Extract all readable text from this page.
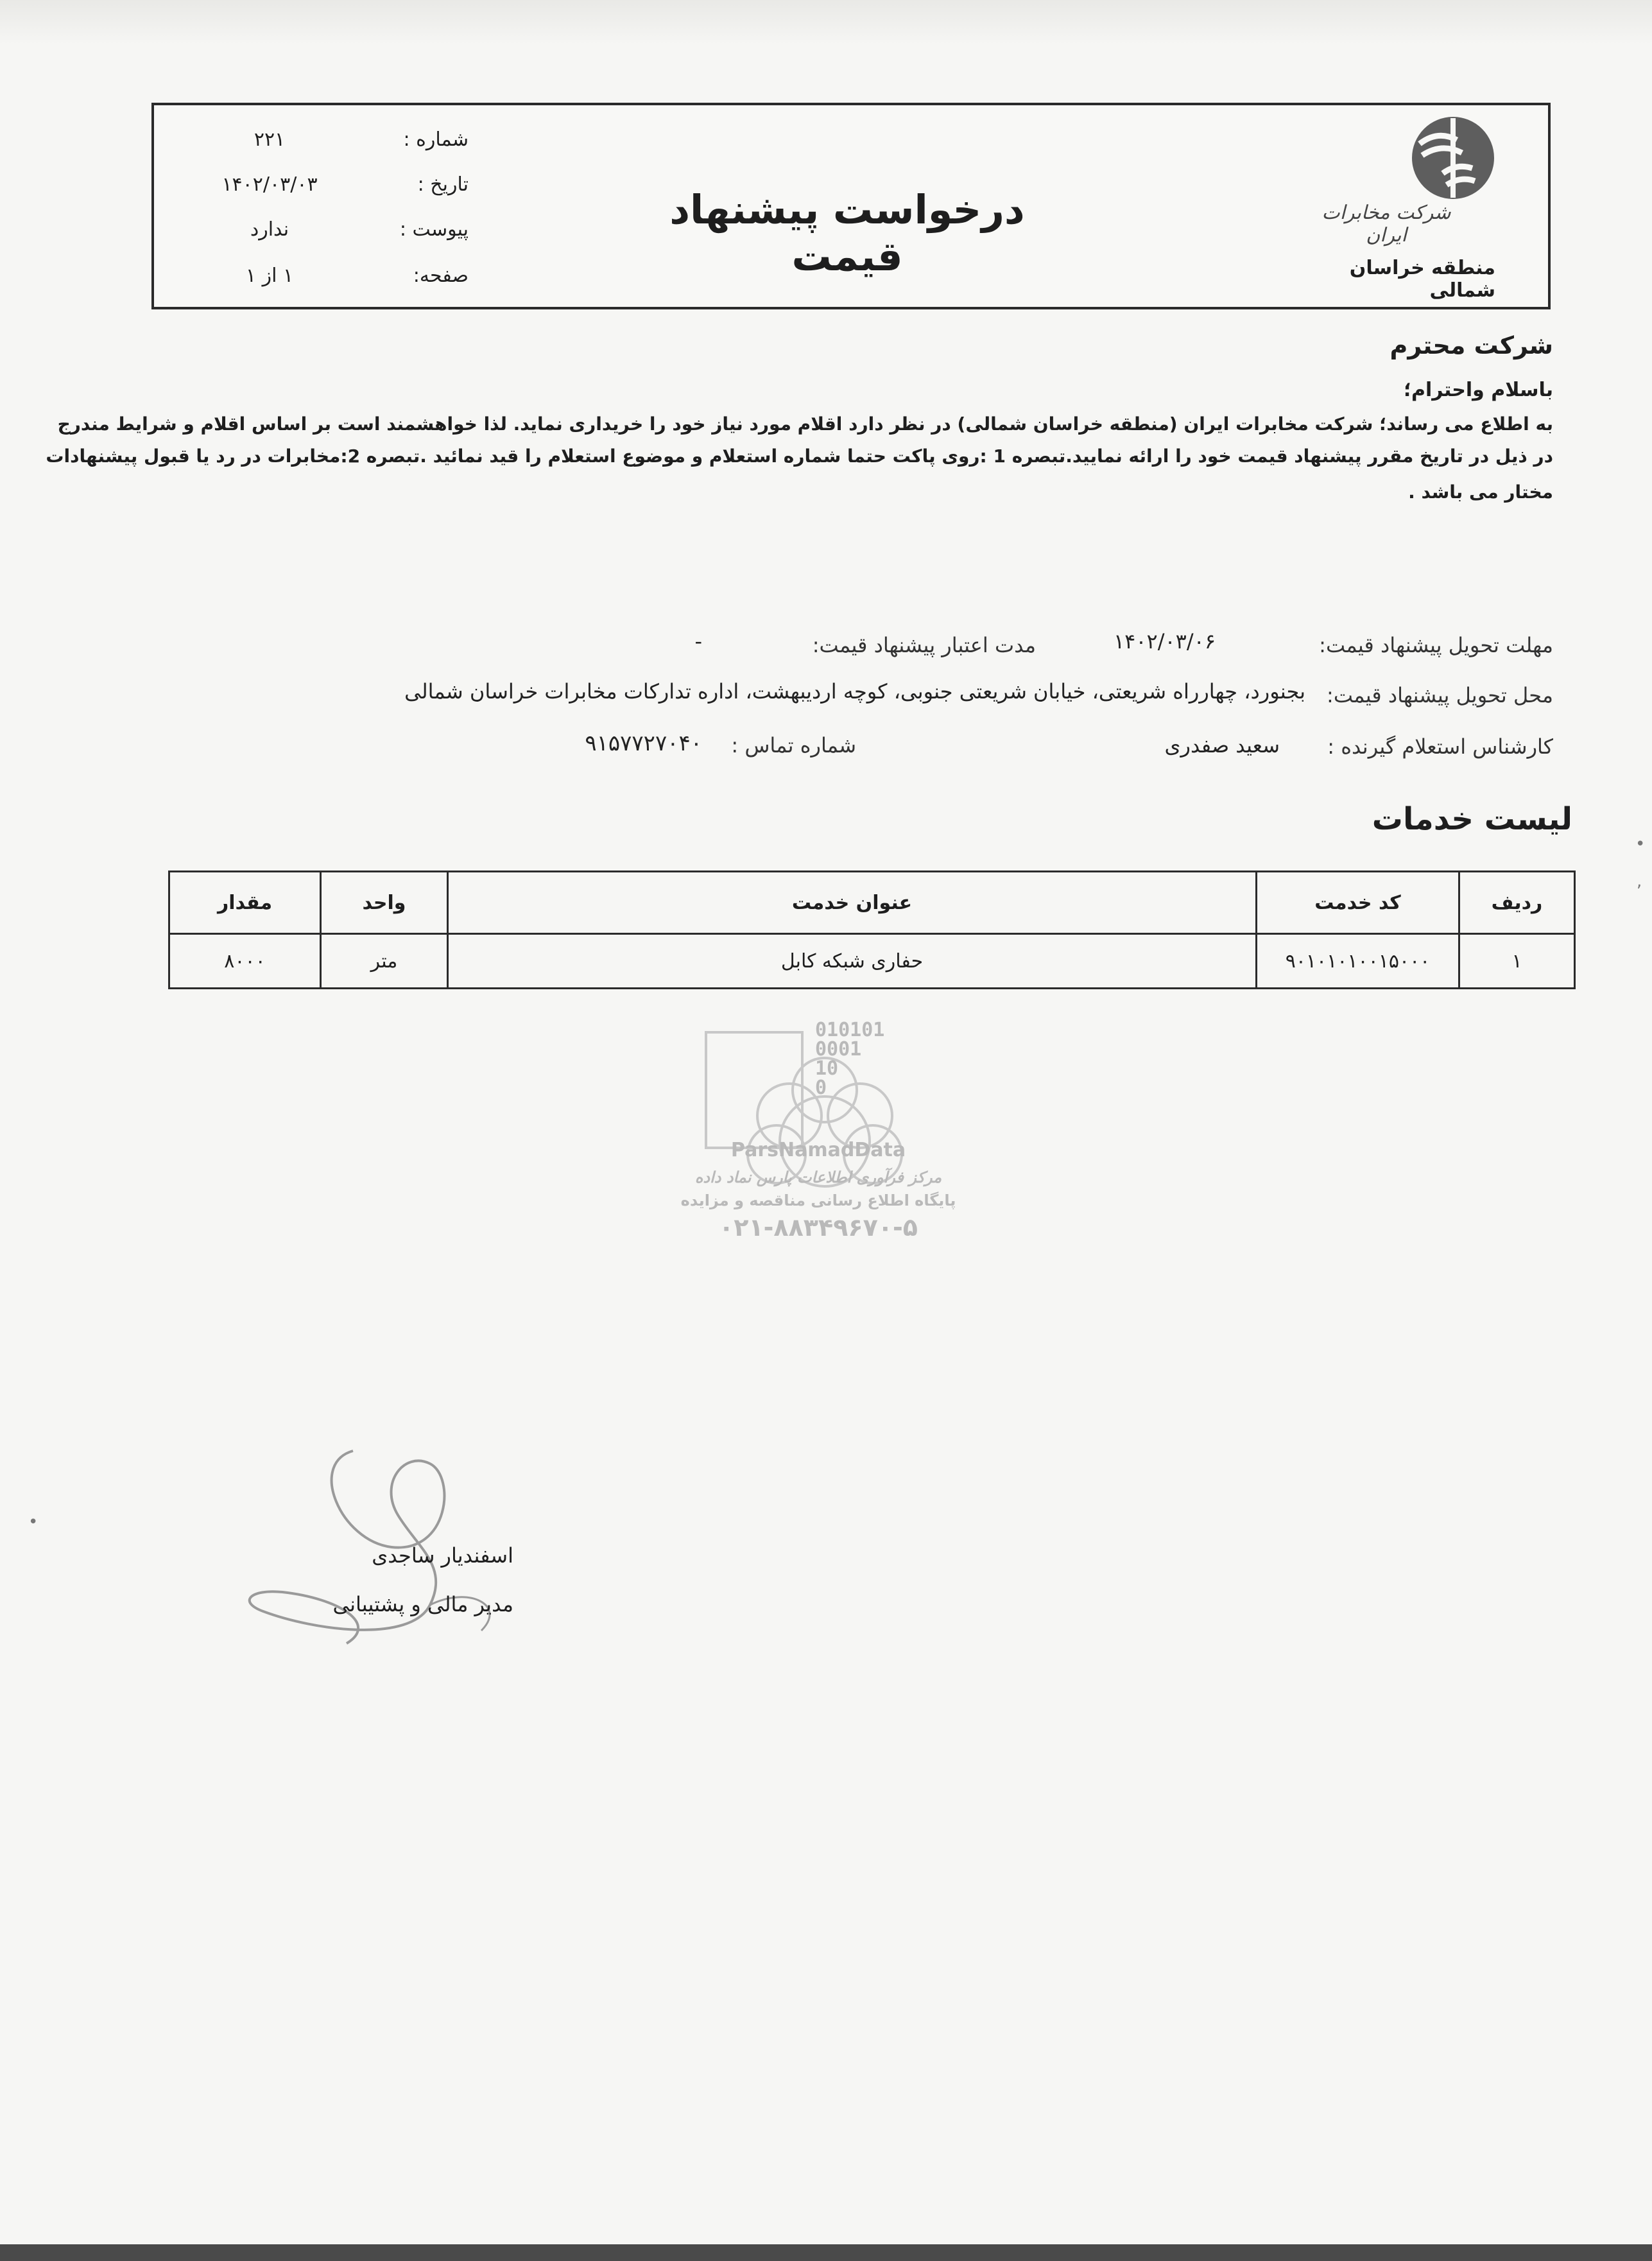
شرکت مخابرات ایران
منطقه خراسان شمالی
درخواست پیشنهاد قیمت
شماره :
۲۲۱
تاریخ :
۱۴۰۲/۰۳/۰۳
پیوست :
ندارد
صفحه:
۱ از ۱
شرکت محترم
باسلام واحترام؛
به اطلاع می رساند؛ شرکت مخابرات ایران (منطقه خراسان شمالی) در نظر دارد اقلام مورد نیاز خود را خریداری نماید. لذا خواهشمند است بر اساس اقلام و شرایط مندرج
در ذیل در تاریخ مقرر پیشنهاد قیمت خود را ارائه نمایید.تبصره 1 :روی پاکت حتما شماره استعلام و موضوع استعلام را قید نمائید .تبصره 2:مخابرات در رد یا قبول پیشنهادات
مختار می باشد .
مهلت تحویل پیشنهاد قیمت:
۱۴۰۲/۰۳/۰۶
مدت اعتبار پیشنهاد قیمت:
-
محل تحویل پیشنهاد قیمت:
بجنورد، چهارراه شریعتی، خیابان شریعتی جنوبی، کوچه اردیبهشت، اداره تدارکات مخابرات خراسان شمالی
کارشناس استعلام گیرنده :
سعید صفدری
شماره تماس :
۹۱۵۷۷۲۷۰۴۰
لیست خدمات
ردیف	کد خدمت	عنوان خدمت	واحد	مقدار
۱	۹۰۱۰۱۰۱۰۰۱۵۰۰۰	حفاری شبکه کابل	متر	۸۰۰۰
010101
0001
10
0
ParsNamadData
مرکز فرآوری اطلاعات پارس نماد داده
پایگاه اطلاع رسانی مناقصه و مزایده
۰۲۱-۸۸۳۴۹۶۷۰-۵
اسفندیار ساجدی
مدیر مالی و پشتیبانی
•
,
•
